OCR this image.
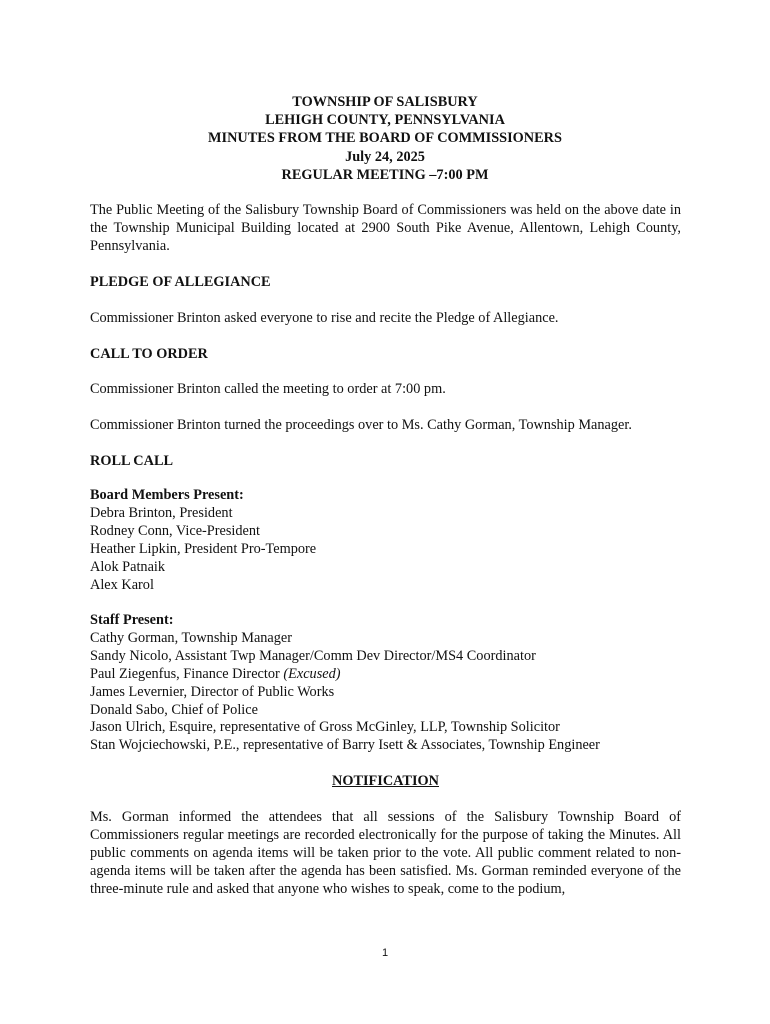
TOWNSHIP OF SALISBURY
LEHIGH COUNTY, PENNSYLVANIA
MINUTES FROM THE BOARD OF COMMISSIONERS
July 24, 2025
REGULAR MEETING –7:00 PM
The Public Meeting of the Salisbury Township Board of Commissioners was held on the above date in the Township Municipal Building located at 2900 South Pike Avenue, Allentown, Lehigh County, Pennsylvania.
PLEDGE OF ALLEGIANCE
Commissioner Brinton asked everyone to rise and recite the Pledge of Allegiance.
CALL TO ORDER
Commissioner Brinton called the meeting to order at 7:00 pm.
Commissioner Brinton turned the proceedings over to Ms. Cathy Gorman, Township Manager.
ROLL CALL
Board Members Present:
Debra Brinton, President
Rodney Conn, Vice-President
Heather Lipkin, President Pro-Tempore
Alok Patnaik
Alex Karol
Staff Present:
Cathy Gorman, Township Manager
Sandy Nicolo, Assistant Twp Manager/Comm Dev Director/MS4 Coordinator
Paul Ziegenfus, Finance Director (Excused)
James Levernier, Director of Public Works
Donald Sabo, Chief of Police
Jason Ulrich, Esquire, representative of Gross McGinley, LLP, Township Solicitor
Stan Wojciechowski, P.E., representative of Barry Isett & Associates, Township Engineer
NOTIFICATION
Ms. Gorman informed the attendees that all sessions of the Salisbury Township Board of Commissioners regular meetings are recorded electronically for the purpose of taking the Minutes. All public comments on agenda items will be taken prior to the vote. All public comment related to non-agenda items will be taken after the agenda has been satisfied. Ms. Gorman reminded everyone of the three-minute rule and asked that anyone who wishes to speak, come to the podium,
1
